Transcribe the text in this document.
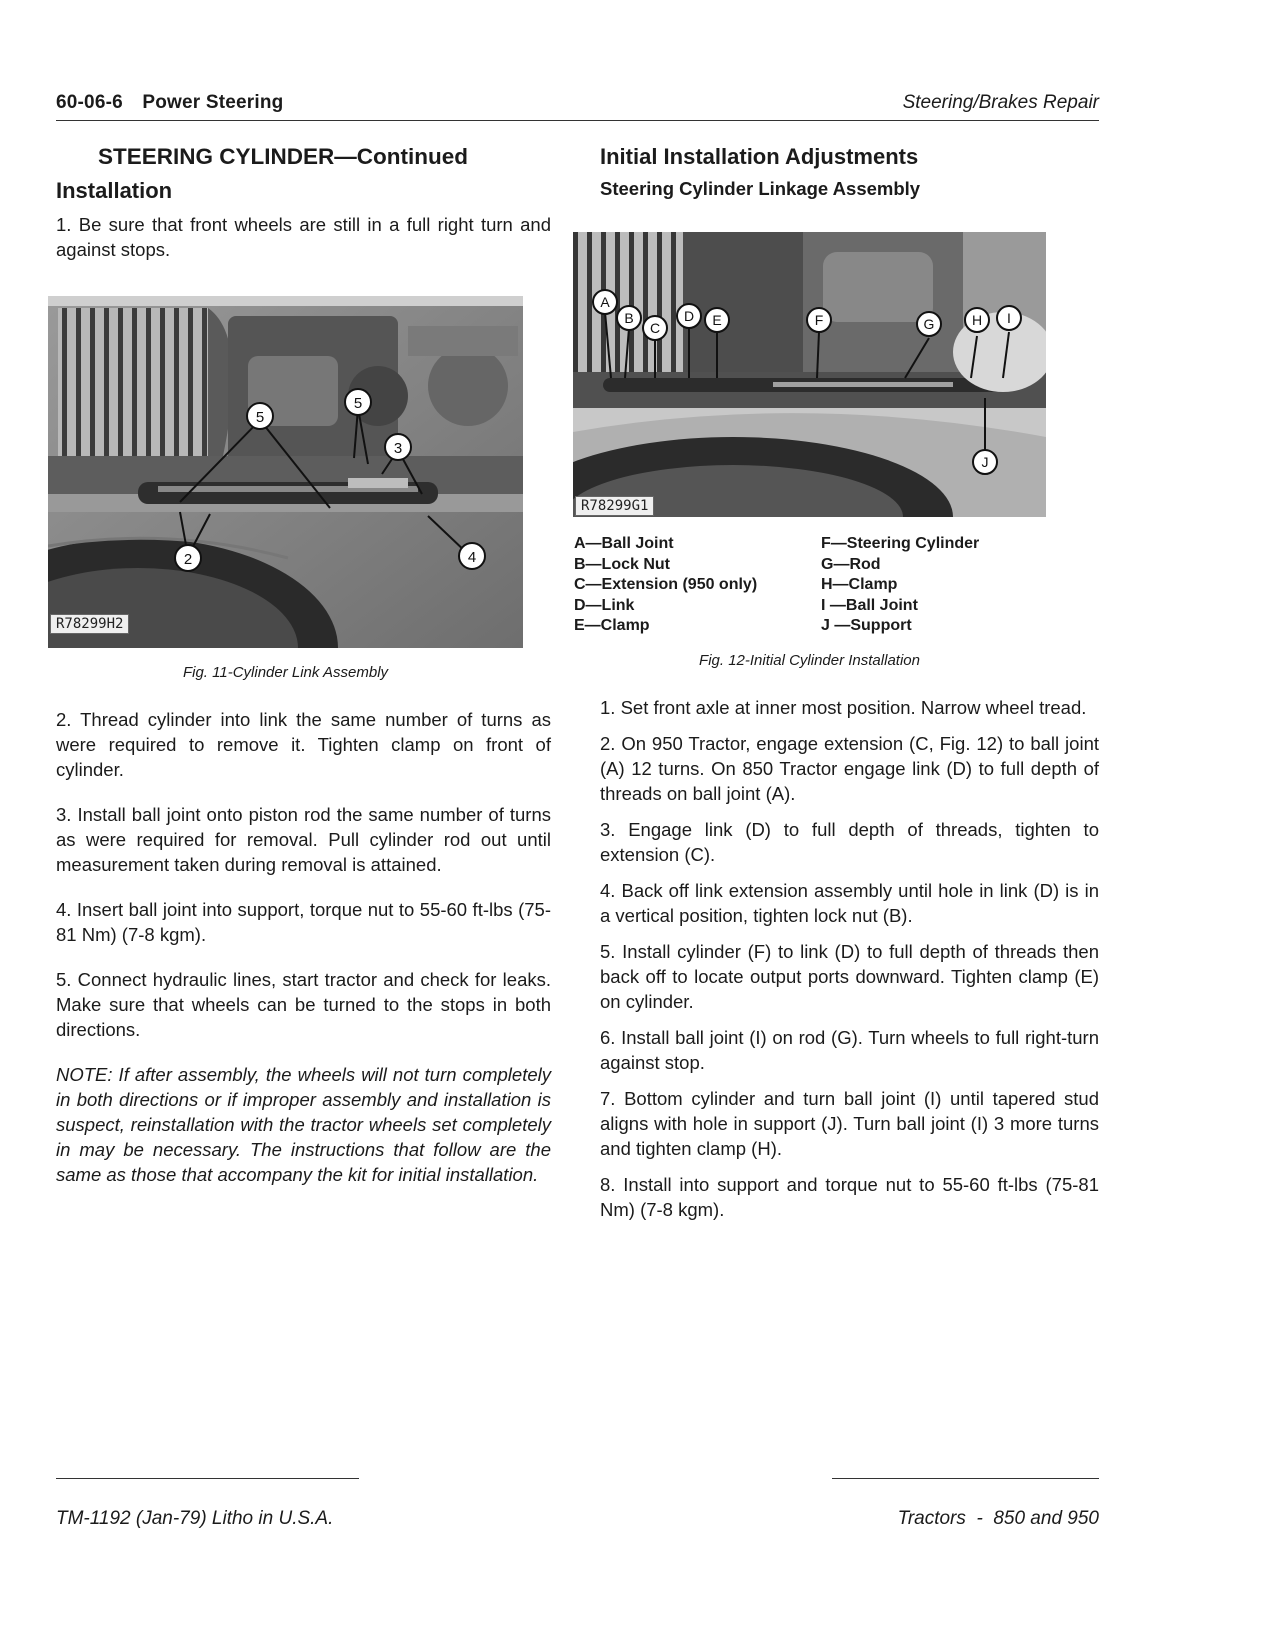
60-06-6 Power Steering	Steering/Brakes Repair
STEERING CYLINDER—Continued
Installation

1. Be sure that front wheels are still in a full right turn and against stops.

5
5
3
2	4
R78299H2
Fig. 11-Cylinder Link Assembly

2. Thread cylinder into link the same number of turns as were required to remove it. Tighten clamp on front of cylinder.

3. Install ball joint onto piston rod the same number of turns as were required for removal. Pull cylinder rod out until measurement taken during removal is attained.

4. Insert ball joint into support, torque nut to 55-60 ft-lbs (75-81 Nm) (7-8 kgm).

5. Connect hydraulic lines, start tractor and check for leaks. Make sure that wheels can be turned to the stops in both directions.

NOTE: If after assembly, the wheels will not turn completely in both directions or if improper assembly and installation is suspect, reinstallation with the tractor wheels set completely in may be necessary. The instructions that follow are the same as those that accompany the kit for initial installation.

Initial Installation Adjustments
Steering Cylinder Linkage Assembly
A
B
C
D E	F	G	H I
J
R78299G1
A—Ball Joint
B—Lock Nut
C—Extension (950 only)
D—Link
E—Clamp
F—Steering Cylinder
G—Rod
H—Clamp
I —Ball Joint
J —Support
Fig. 12-Initial Cylinder Installation

1. Set front axle at inner most position. Narrow wheel tread.

2. On 950 Tractor, engage extension (C, Fig. 12) to ball joint (A) 12 turns. On 850 Tractor engage link (D) to full depth of threads on ball joint (A).

3. Engage link (D) to full depth of threads, tighten to extension (C).

4. Back off link extension assembly until hole in link (D) is in a vertical position, tighten lock nut (B).

5. Install cylinder (F) to link (D) to full depth of threads then back off to locate output ports downward. Tighten clamp (E) on cylinder.

6. Install ball joint (I) on rod (G). Turn wheels to full right-turn against stop.

7. Bottom cylinder and turn ball joint (I) until tapered stud aligns with hole in support (J). Turn ball joint (I) 3 more turns and tighten clamp (H).

8. Install into support and torque nut to 55-60 ft-lbs (75-81 Nm) (7-8 kgm).

TM-1192 (Jan-79) Litho in U.S.A.	Tractors  -  850 and 950
